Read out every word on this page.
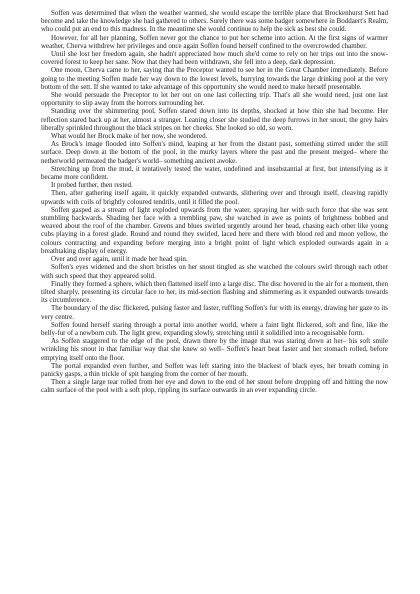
Soffen was determined that when the weather warmed, she would escape the terrible place that Brockenhurst Sett had become and take the knowledge she had gathered to others. Surely there was some badger somewhere in Boddaert's Realm, who could put an end to this madness. In the meantime she would continue to help the sick as best she could.

However, for all her planning, Soffen never got the chance to put her scheme into action. At the first signs of warmer weather, Cherva withdrew her privileges and once again Soffen found herself confined to the overcrowded chamber.

Until she lost her freedom again, she hadn't appreciated how much she'd come to rely on her trips out into the snow-covered forest to keep her sane. Now that they had been withdrawn, she fell into a deep, dark depression.

One moon, Cherva came to her, saying that the Preceptor wanted to see her in the Great Chamber immediately. Before going to the meeting Soffen made her way down to the lowest levels, hurrying towards the large drinking pool at the very bottom of the sett. If she wanted to take advantage of this opportunity she would need to make herself presentable.

She would persuade the Preceptor to let her out on one last collecting trip. That's all she would need, just one last opportunity to slip away from the horrors surrounding her.

Standing over the shimmering pool, Soffen stared down into its depths, shocked at how thin she had become. Her reflection stared back up at her, almost a stranger. Leaning closer she studied the deep furrows in her snout, the grey hairs liberally sprinkled throughout the black stripes on her cheeks. She looked so old, so worn.

What would her Brock make of her now, she wondered.

As Brock's image flooded into Soffen's mind, leaping at her from the distant past, something stirred under the still surface. Deep down at the bottom of the pool, in the murky layers where the past and the present merged– where the netherworld permeated the badger's world– something ancient awoke.

Stretching up from the mud, it tentatively tested the water, undefined and insubstantial at first, but intensifying as it became more confident.

It probed further, then rested.

Then, after gathering itself again, it quickly expanded outwards, slithering over and through itself, cleaving rapidly upwards with coils of brightly coloured tendrils, until it filled the pool.

Soffen gasped as a stream of light exploded upwards from the water, spraying her with such force that she was sent stumbling backwards. Shading her face with a trembling paw, she watched in awe as points of brightness bobbed and weaved about the roof of the chamber. Greens and blues swirled urgently around her head, chasing each other like young cubs playing in a forest glade. Round and round they swirled, laced here and there with blood red and moon yellow, the colours contracting and expanding before merging into a bright point of light which exploded outwards again in a breathtaking display of energy.

Over and over again, until it made her head spin.

Soffen's eyes widened and the short bristles on her snout tingled as she watched the colours swirl through each other with such speed that they appeared solid.

Finally they formed a sphere, which then flattened itself into a large disc. The disc hovered in the air for a moment, then tilted sharply, presenting its circular face to her, its mid-section flashing and shimmering as it expanded outwards towards its circumference.

The boundary of the disc flickered, pulsing faster and faster, ruffling Soffen's fur with its energy, drawing her gaze to its very centre.

Soffen found herself staring through a portal into another world, where a faint light flickered, soft and fine, like the belly-fur of a newborn cub. The light grew, expanding slowly, stretching until it solidified into a recognisable form.

As Soffen staggered to the edge of the pool, drawn there by the image that was staring down at her– his soft smile wrinkling his snout in that familiar way that she knew so well– Soffen's heart beat faster and her stomach rolled, before emptying itself onto the floor.

The portal expanded even further, and Soffen was left staring into the blackest of black eyes, her breath coming in panicky gasps, a thin trickle of spit hanging from the corner of her mouth.

Then a single large tear rolled from her eye and down to the end of her snout before dropping off and hitting the now calm surface of the pool with a soft plop, rippling its surface outwards in an ever expanding circle.
